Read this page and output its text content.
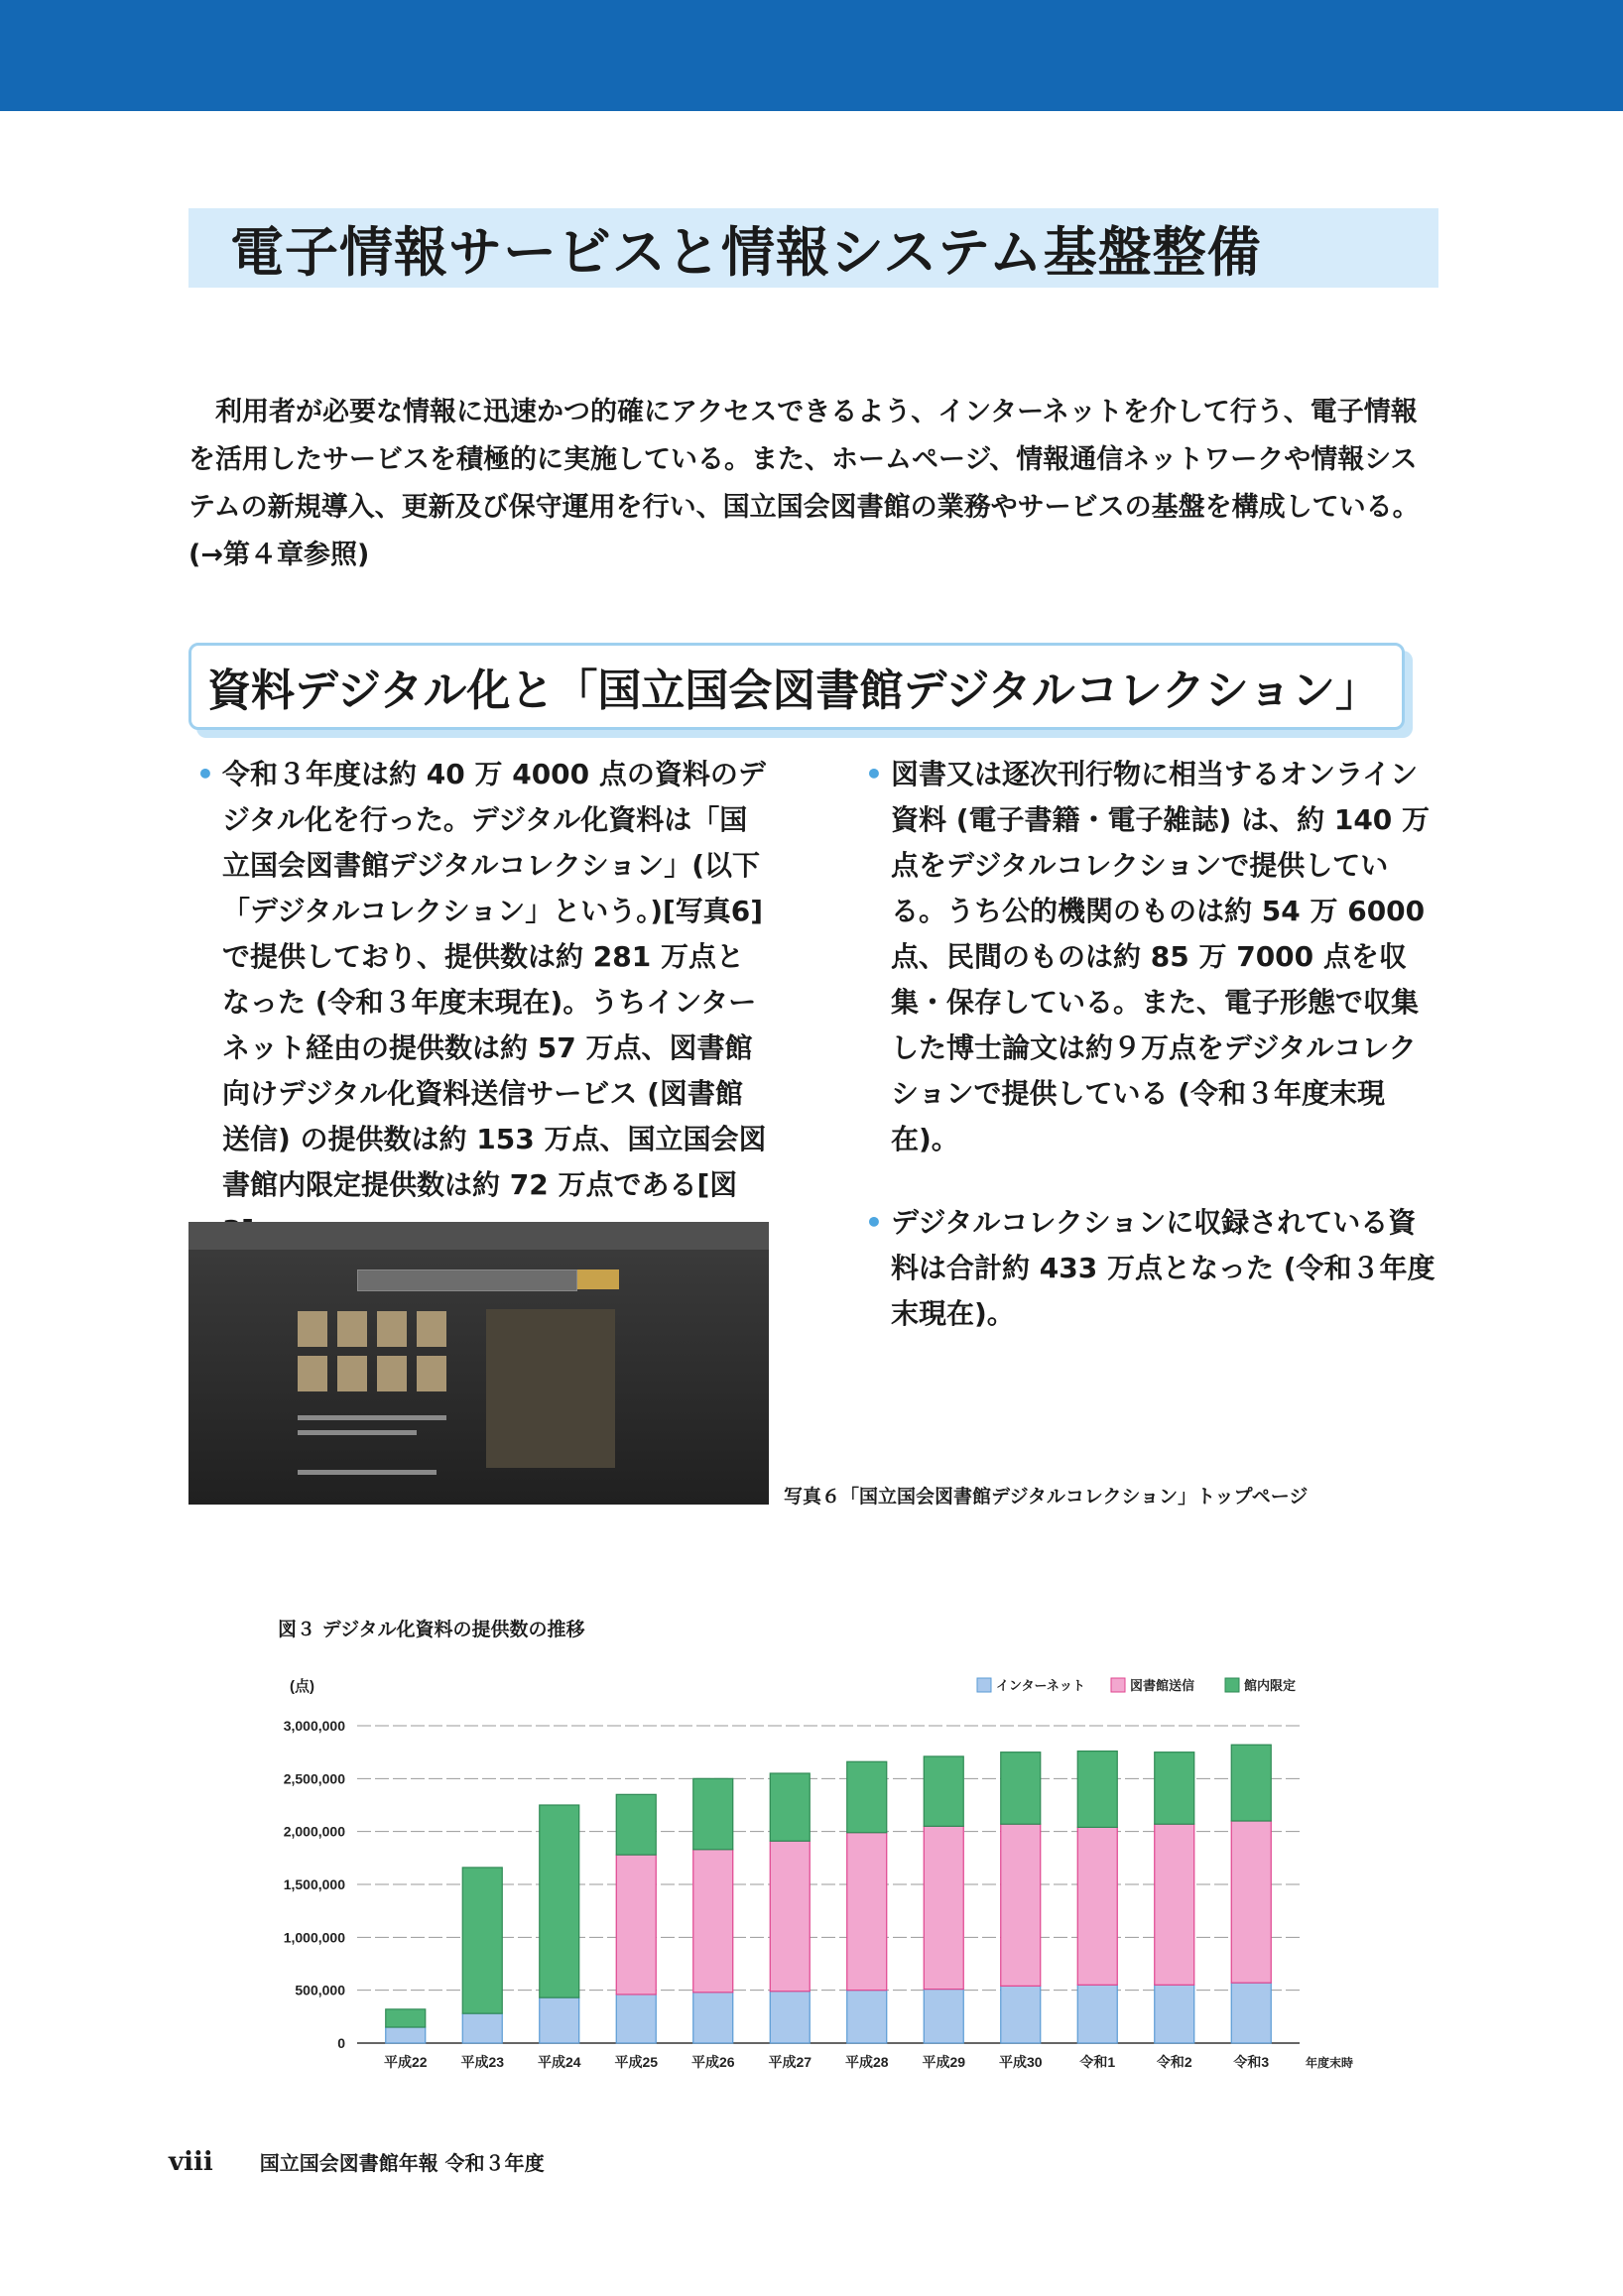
電子情報サービスと情報システム基盤整備

利用者が必要な情報に迅速かつ的確にアクセスできるよう、インターネットを介して行う、電子情報を活用したサービスを積極的に実施している。また、ホームページ、情報通信ネットワークや情報システムの新規導入、更新及び保守運用を行い、国立国会図書館の業務やサービスの基盤を構成している。(→第４章参照)

資料デジタル化と「国立国会図書館デジタルコレクション」

• 令和３年度は約 40 万 4000 点の資料のデジタル化を行った。デジタル化資料は「国立国会図書館デジタルコレクション」(以下「デジタルコレクション」という。)[写真6] で提供しており、提供数は約 281 万点となった (令和３年度末現在)。うちインターネット経由の提供数は約 57 万点、図書館向けデジタル化資料送信サービス (図書館送信) の提供数は約 153 万点、国立国会図書館内限定提供数は約 72 万点である[図

• 図書又は逐次刊行物に相当するオンライン資料 (電子書籍・電子雑誌) は、約 140 万点をデジタルコレクションで提供している。うち公的機関のものは約 54 万 6000 点、民間のものは約 85 万 7000 点を収集・保存している。また、電子形態で収集した博士論文は約９万点をデジタルコレクションで提供している (令和３年度末現在)。

• デジタルコレクションに収録されている資料は合計約 433 万点となった (令和３年度末現在)。

写真６「国立国会図書館デジタルコレクション」トップページ
図３ デジタル化資料の提供数の推移
(点)
0
500,000
1,000,000
1,500,000
2,000,000
2,500,000
3,000,000
平成22 平成23 平成24 平成25 平成26 平成27 平成28 平成29 平成30	令和1	令和2	令和3	年度末時
インターネット	図書館送信	館内限定
viii 国立国会図書館年報 令和３年度
